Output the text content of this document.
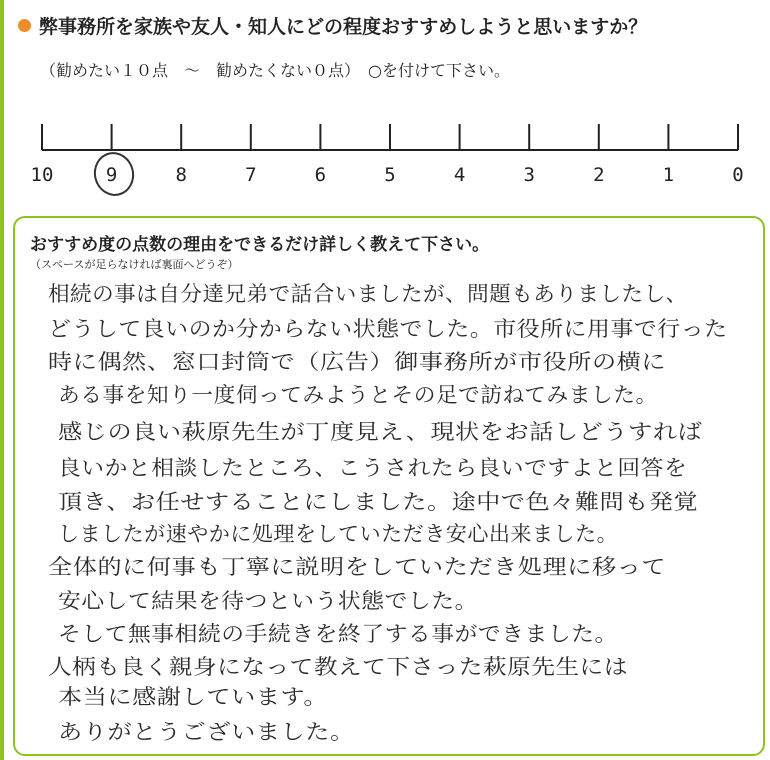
弊事務所を家族や友人・知人にどの程度おすすめしようと思いますか？
（勧めたい１０点　～　勧めたくない０点）　○を付けて下さい。
10	9	8	7	6	5	4	3	2	1	0
おすすめ度の点数の理由をできるだけ詳しく教えて下さい。
（スペースが足らなければ裏面へどうぞ）
相続の事は自分達兄弟で話合いましたが、問題もありましたし、
どうして良いのか分からない状態でした。市役所に用事で行った
時に偶然、窓口封筒で（広告）御事務所が市役所の横に
ある事を知り一度伺ってみようとその足で訪ねてみました。
感じの良い萩原先生が丁度見え、現状をお話しどうすれば
良いかと相談したところ、こうされたら良いですよと回答を
頂き、お任せすることにしました。途中で色々難問も発覚
しましたが速やかに処理をしていただき安心出来ました。
全体的に何事も丁寧に説明をしていただき処理に移って
安心して結果を待つという状態でした。
そして無事相続の手続きを終了する事ができました。
人柄も良く親身になって教えて下さった萩原先生には
本当に感謝しています。
ありがとうございました。
